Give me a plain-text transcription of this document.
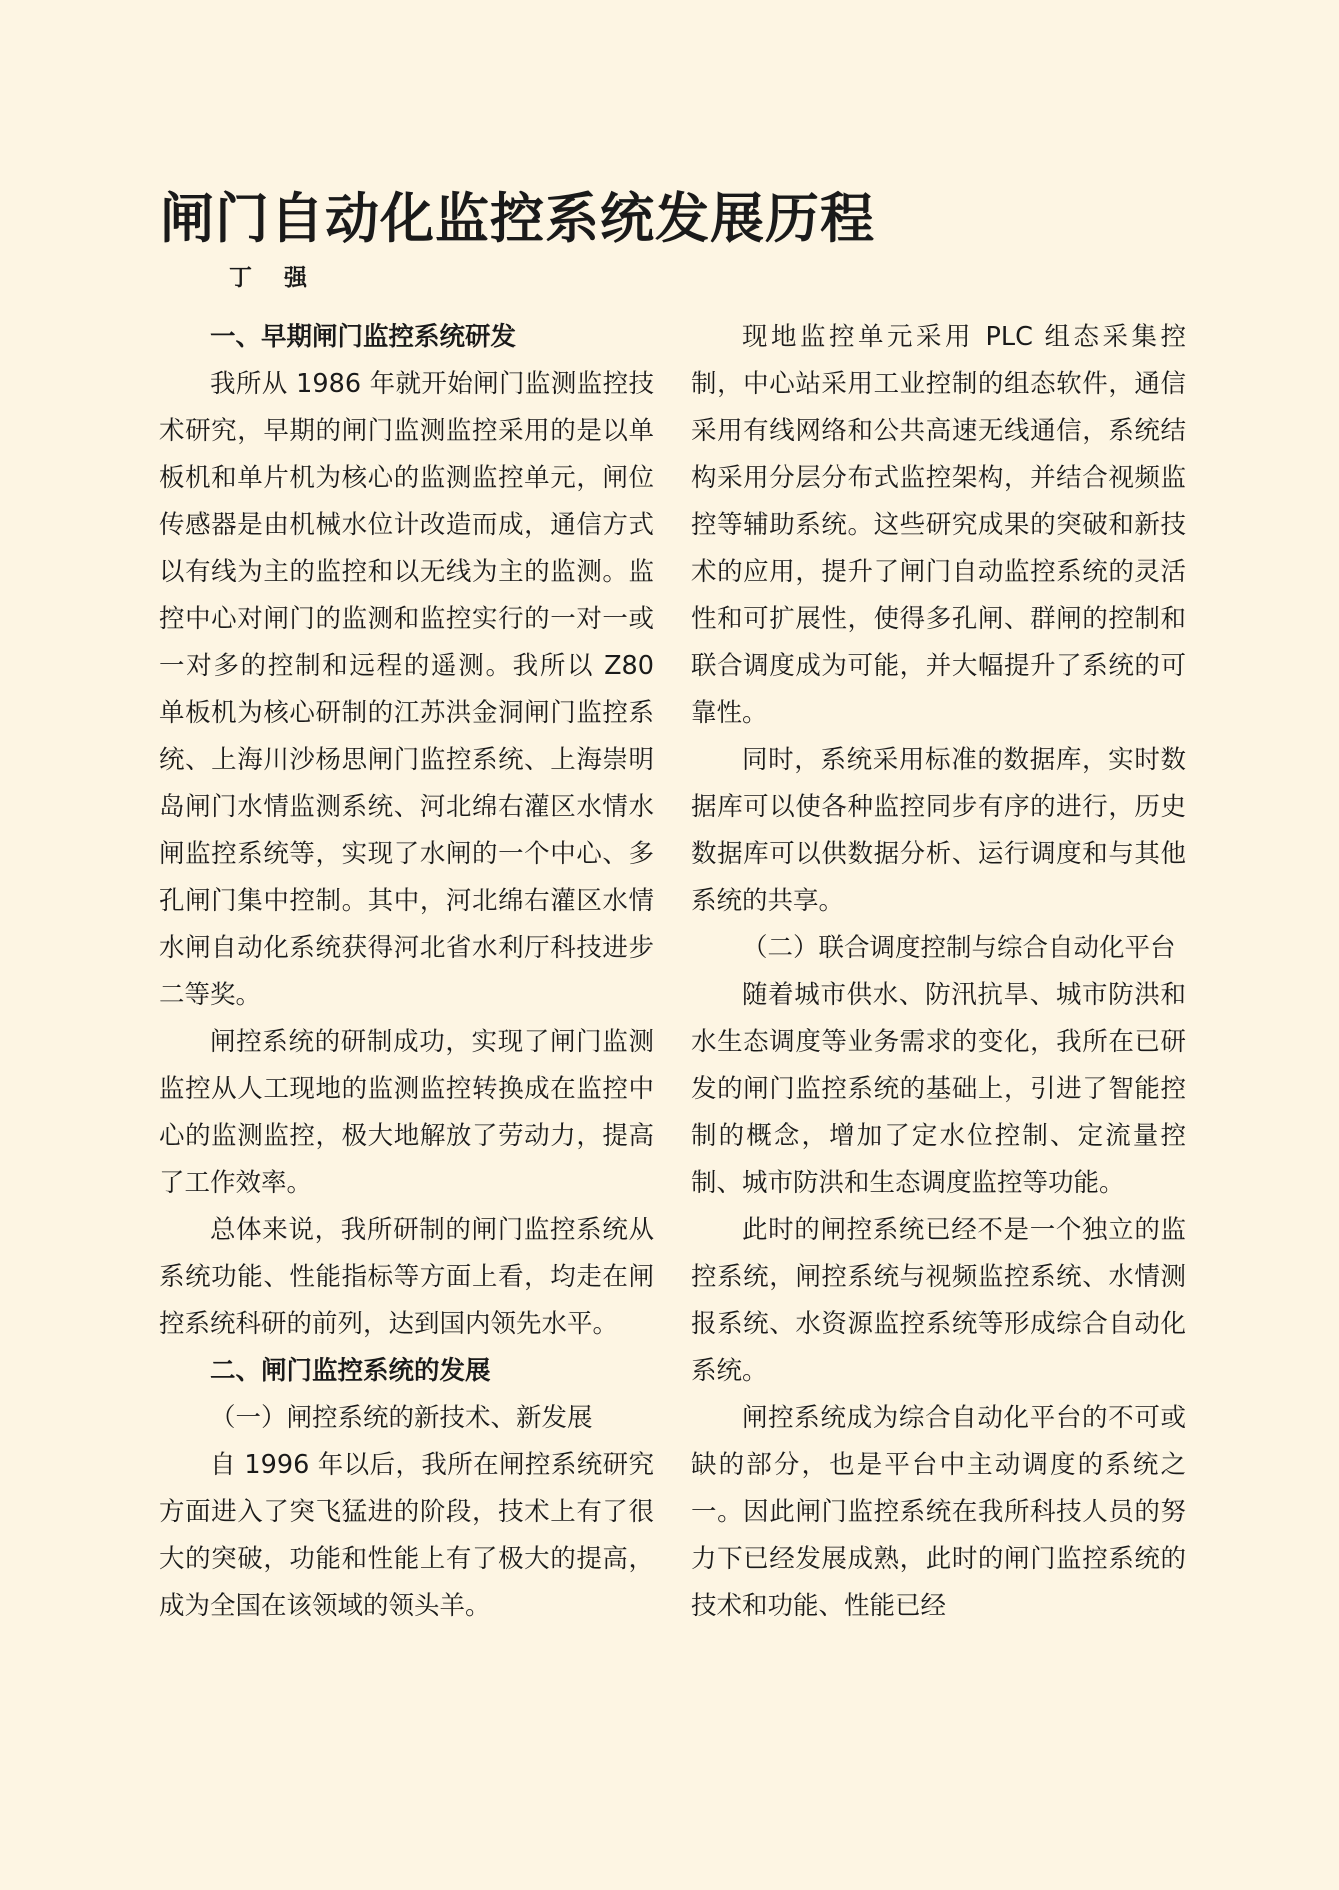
闸门自动化监控系统发展历程
丁 强

一、早期闸门监控系统研发

我所从 1986 年就开始闸门监测监控技术研究，早期的闸门监测监控采用的是以单板机和单片机为核心的监测监控单元，闸位传感器是由机械水位计改造而成，通信方式以有线为主的监控和以无线为主的监测。监控中心对闸门的监测和监控实行的一对一或一对多的控制和远程的遥测。我所以 Z80 单板机为核心研制的江苏洪金洞闸门监控系统、上海川沙杨思闸门监控系统、上海崇明岛闸门水情监测系统、河北绵右灌区水情水闸监控系统等，实现了水闸的一个中心、多孔闸门集中控制。其中，河北绵右灌区水情水闸自动化系统获得河北省水利厅科技进步二等奖。

闸控系统的研制成功，实现了闸门监测监控从人工现地的监测监控转换成在监控中心的监测监控，极大地解放了劳动力，提高了工作效率。

总体来说，我所研制的闸门监控系统从系统功能、性能指标等方面上看，均走在闸控系统科研的前列，达到国内领先水平。

二、闸门监控系统的发展

（一）闸控系统的新技术、新发展

自 1996 年以后，我所在闸控系统研究方面进入了突飞猛进的阶段，技术上有了很大的突破，功能和性能上有了极大的提高，成为全国在该领域的领头羊。

现地监控单元采用 PLC 组态采集控制，中心站采用工业控制的组态软件，通信采用有线网络和公共高速无线通信，系统结构采用分层分布式监控架构，并结合视频监控等辅助系统。这些研究成果的突破和新技术的应用，提升了闸门自动监控系统的灵活性和可扩展性，使得多孔闸、群闸的控制和联合调度成为可能，并大幅提升了系统的可靠性。

同时，系统采用标准的数据库，实时数据库可以使各种监控同步有序的进行，历史数据库可以供数据分析、运行调度和与其他系统的共享。

（二）联合调度控制与综合自动化平台

随着城市供水、防汛抗旱、城市防洪和水生态调度等业务需求的变化，我所在已研发的闸门监控系统的基础上，引进了智能控制的概念，增加了定水位控制、定流量控制、城市防洪和生态调度监控等功能。

此时的闸控系统已经不是一个独立的监控系统，闸控系统与视频监控系统、水情测报系统、水资源监控系统等形成综合自动化系统。

闸控系统成为综合自动化平台的不可或缺的部分，也是平台中主动调度的系统之一。因此闸门监控系统在我所科技人员的努力下已经发展成熟，此时的闸门监控系统的技术和功能、性能已经
